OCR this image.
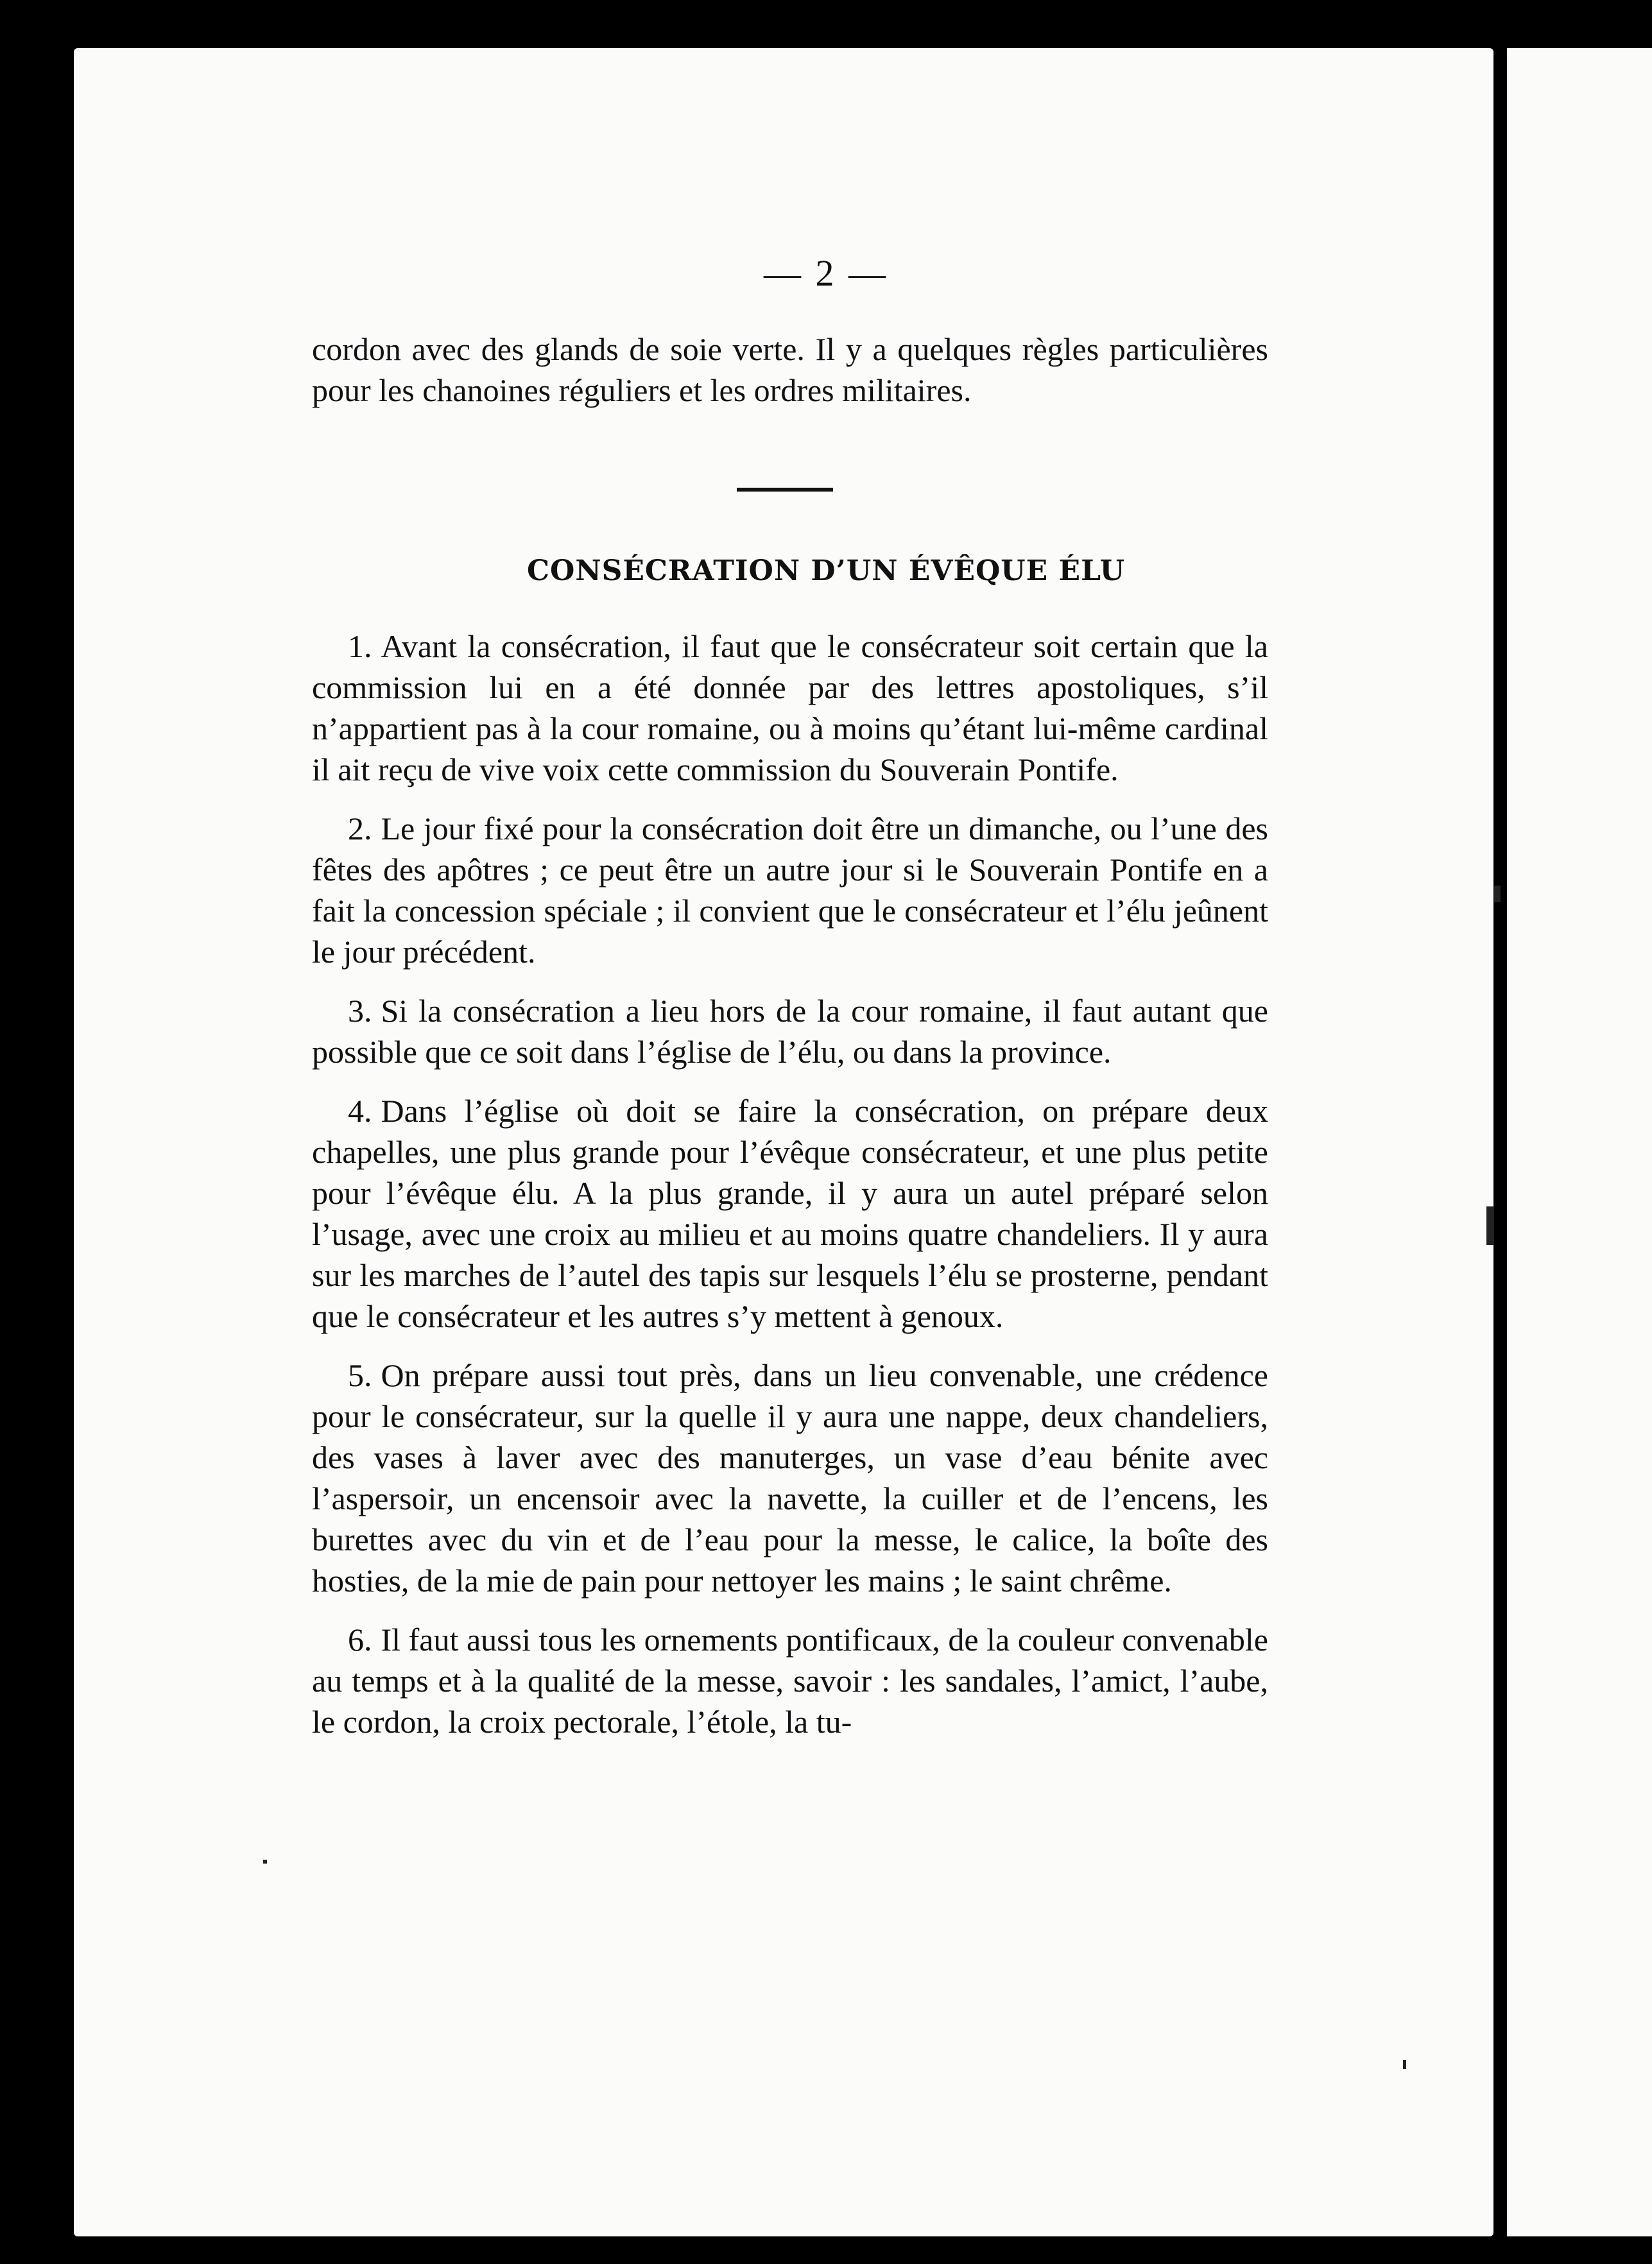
— 2 —
cordon avec des glands de soie verte. Il y a quelques règles particulières pour les chanoines réguliers et les ordres militaires.
CONSÉCRATION D’UN ÉVÊQUE ÉLU

1. Avant la consécration, il faut que le consécrateur soit certain que la commission lui en a été donnée par des lettres apostoliques, s’il n’appartient pas à la cour romaine, ou à moins qu’étant lui-même cardinal il ait reçu de vive voix cette commission du Souverain Pontife.

2. Le jour fixé pour la consécration doit être un dimanche, ou l’une des fêtes des apôtres ; ce peut être un autre jour si le Souverain Pontife en a fait la concession spéciale ; il convient que le consécrateur et l’élu jeûnent le jour précédent.

3. Si la consécration a lieu hors de la cour romaine, il faut autant que possible que ce soit dans l’église de l’élu, ou dans la province.

4. Dans l’église où doit se faire la consécration, on prépare deux chapelles, une plus grande pour l’évêque consécrateur, et une plus petite pour l’évêque élu. A la plus grande, il y aura un autel préparé selon l’usage, avec une croix au milieu et au moins quatre chandeliers. Il y aura sur les marches de l’autel des tapis sur lesquels l’élu se prosterne, pendant que le consécrateur et les autres s’y mettent à genoux.

5. On prépare aussi tout près, dans un lieu convenable, une crédence pour le consécrateur, sur la quelle il y aura une nappe, deux chandeliers, des vases à laver avec des manuterges, un vase d’eau bénite avec l’aspersoir, un encensoir avec la navette, la cuiller et de l’encens, les burettes avec du vin et de l’eau pour la messe, le calice, la boîte des hosties, de la mie de pain pour nettoyer les mains ; le saint chrême.

6. Il faut aussi tous les ornements pontificaux, de la couleur convenable au temps et à la qualité de la messe, savoir : les sandales, l’amict, l’aube, le cordon, la croix pectorale, l’étole, la tu-
